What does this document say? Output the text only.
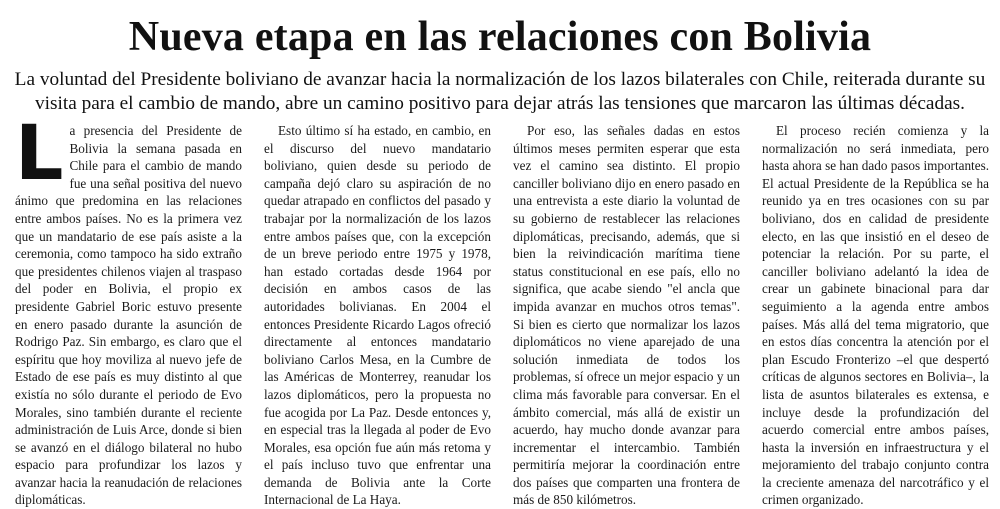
Nueva etapa en las relaciones con Bolivia

La voluntad del Presidente boliviano de avanzar hacia la normalización de los lazos bilaterales con Chile, reiterada durante su visita para el cambio de mando, abre un camino positivo para dejar atrás las tensiones que marcaron las últimas décadas.

L a presencia del Presidente de Bolivia la semana pasada en Chile para el cambio de mando fue una señal positiva del nuevo ánimo que predomina en las relaciones entre ambos países. No es la primera vez que un mandatario de ese país asiste a la ceremonia, como tampoco ha sido extraño que presidentes chilenos viajen al traspaso del poder en Bolivia, el propio ex presidente Gabriel Boric estuvo presente en enero pasado durante la asunción de Rodrigo Paz. Sin embargo, es claro que el espíritu que hoy moviliza al nuevo jefe de Estado de ese país es muy distinto al que existía no sólo durante el periodo de Evo Morales, sino también durante el reciente administración de Luis Arce, donde si bien se avanzó en el diálogo bilateral no hubo espacio para profundizar los lazos y avanzar hacia la reanudación de relaciones diplomáticas.

Esto último sí ha estado, en cambio, en el discurso del nuevo mandatario boliviano, quien desde su periodo de campaña dejó claro su aspiración de no quedar atrapado en conflictos del pasado y trabajar por la normalización de los lazos entre ambos países que, con la excepción de un breve periodo entre 1975 y 1978, han estado cortadas desde 1964 por decisión en ambos casos de las autoridades bolivianas. En 2004 el entonces Presidente Ricardo Lagos ofreció directamente al entonces mandatario boliviano Carlos Mesa, en la Cumbre de las Américas de Monterrey, reanudar los lazos diplomáticos, pero la propuesta no fue acogida por La Paz. Desde entonces y, en especial tras la llegada al poder de Evo Morales, esa opción fue aún más retoma y el país incluso tuvo que enfrentar una demanda de Bolivia ante la Corte Internacional de La Haya.

Por eso, las señales dadas en estos últimos meses permiten esperar que esta vez el camino sea distinto. El propio canciller boliviano dijo en enero pasado en una entrevista a este diario la voluntad de su gobierno de restablecer las relaciones diplomáticas, precisando, además, que si bien la reivindicación marítima tiene status constitucional en ese país, ello no significa, que acabe siendo "el ancla que impida avanzar en muchos otros temas". Si bien es cierto que normalizar los lazos diplomáticos no viene aparejado de una solución inmediata de todos los problemas, sí ofrece un mejor espacio y un clima más favorable para conversar. En el ámbito comercial, más allá de existir un acuerdo, hay mucho donde avanzar para incrementar el intercambio. También permitiría mejorar la coordinación entre dos países que comparten una frontera de más de 850 kilómetros.

El proceso recién comienza y la normalización no será inmediata, pero hasta ahora se han dado pasos importantes. El actual Presidente de la República se ha reunido ya en tres ocasiones con su par boliviano, dos en calidad de presidente electo, en las que insistió en el deseo de potenciar la relación. Por su parte, el canciller boliviano adelantó la idea de crear un gabinete binacional para dar seguimiento a la agenda entre ambos países. Más allá del tema migratorio, que en estos días concentra la atención por el plan Escudo Fronterizo –el que despertó críticas de algunos sectores en Bolivia–, la lista de asuntos bilaterales es extensa, e incluye desde la profundización del acuerdo comercial entre ambos países, hasta la inversión en infraestructura y el mejoramiento del trabajo conjunto contra la creciente amenaza del narcotráfico y el crimen organizado.
